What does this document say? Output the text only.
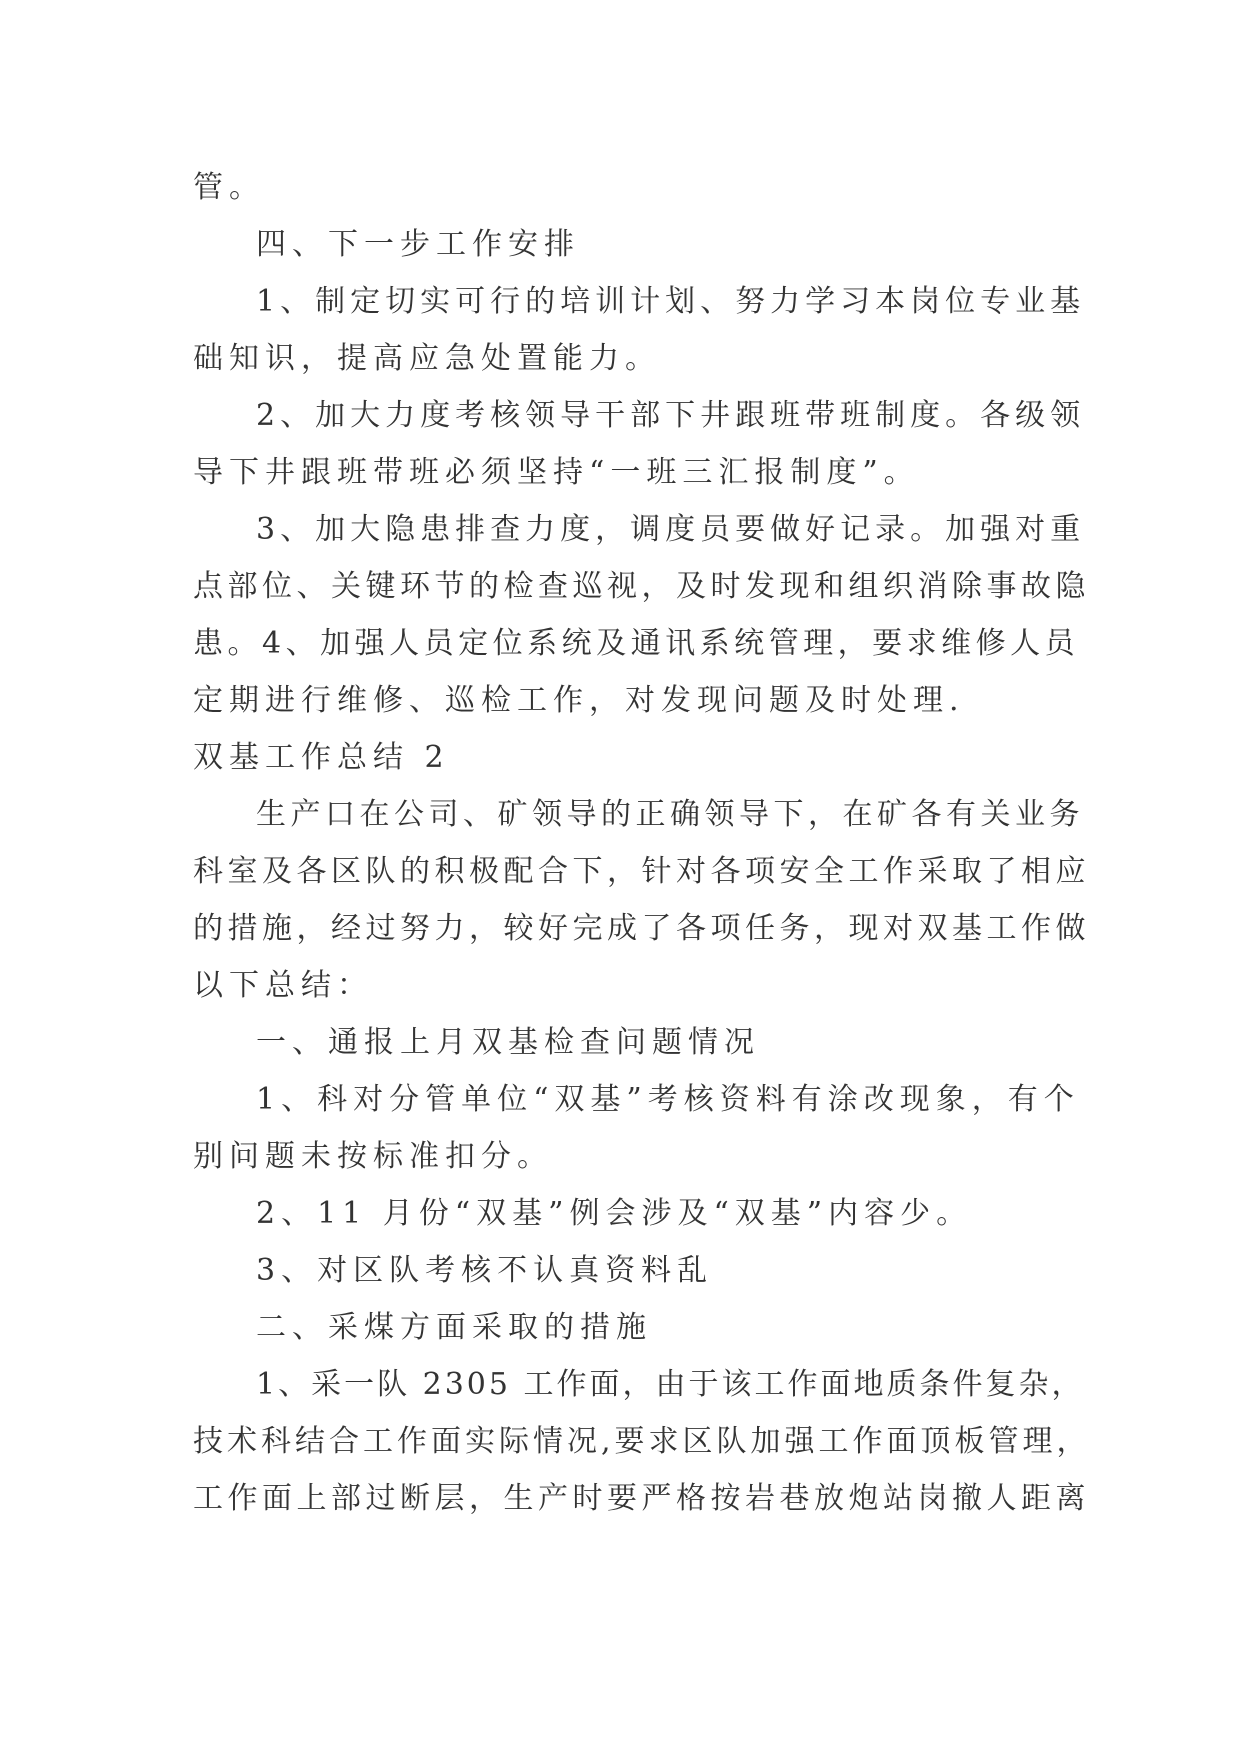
管。
四、下一步工作安排
1、制定切实可行的培训计划、努力学习本岗位专业基
础知识，提高应急处置能力。
2、加大力度考核领导干部下井跟班带班制度。各级领
导下井跟班带班必须坚持“一班三汇报制度”。
3、加大隐患排查力度，调度员要做好记录。加强对重
点部位、关键环节的检查巡视，及时发现和组织消除事故隐
患。4、加强人员定位系统及通讯系统管理，要求维修人员
定期进行维修、巡检工作，对发现问题及时处理.
双基工作总结 2
生产口在公司、矿领导的正确领导下，在矿各有关业务
科室及各区队的积极配合下，针对各项安全工作采取了相应
的措施，经过努力，较好完成了各项任务，现对双基工作做
以下总结：
一、通报上月双基检查问题情况
1、科对分管单位“双基”考核资料有涂改现象，有个
别问题未按标准扣分。
2、11 月份“双基”例会涉及“双基”内容少。
3、对区队考核不认真资料乱
二、采煤方面采取的措施
1、采一队 2305 工作面，由于该工作面地质条件复杂，
技术科结合工作面实际情况,要求区队加强工作面顶板管理，
工作面上部过断层，生产时要严格按岩巷放炮站岗撤人距离
